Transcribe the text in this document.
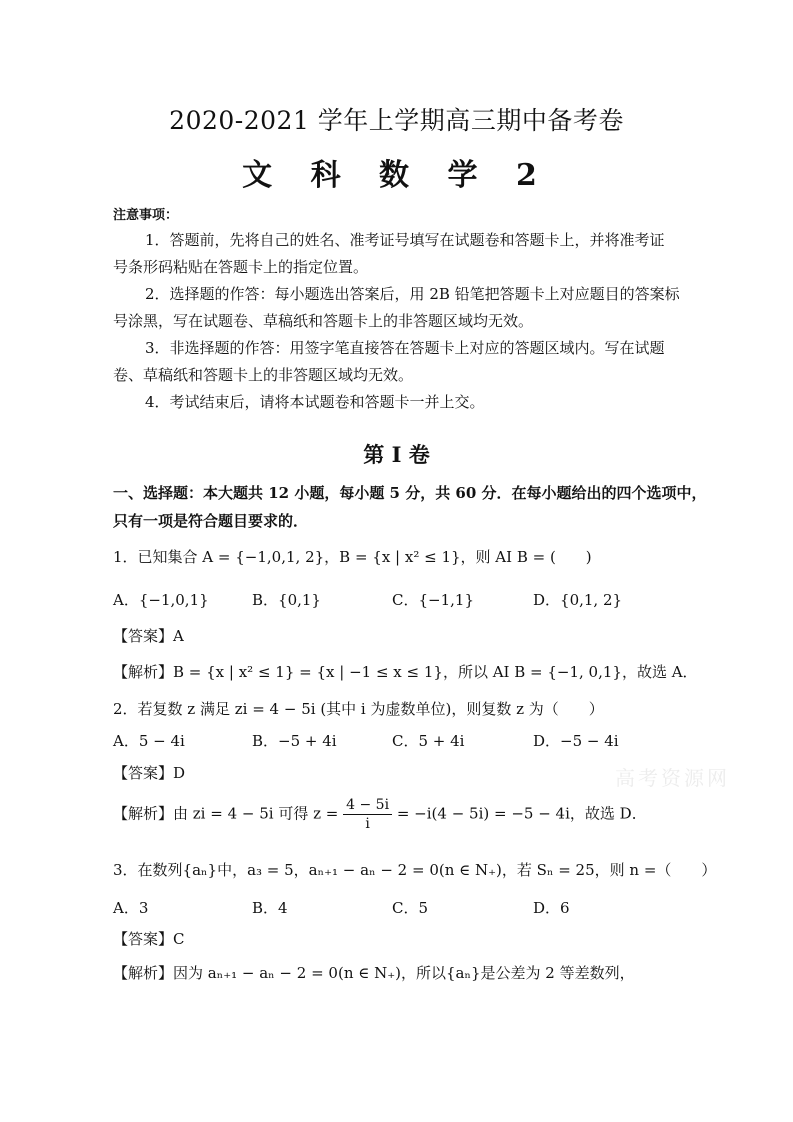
2020-2021 学年上学期高三期中备考卷
文 科 数 学 2
注意事项：
1．答题前，先将自己的姓名、准考证号填写在试题卷和答题卡上，并将准考证
号条形码粘贴在答题卡上的指定位置。
2．选择题的作答：每小题选出答案后，用 2B 铅笔把答题卡上对应题目的答案标
号涂黑，写在试题卷、草稿纸和答题卡上的非答题区域均无效。
3．非选择题的作答：用签字笔直接答在答题卡上对应的答题区域内。写在试题
卷、草稿纸和答题卡上的非答题区域均无效。
4．考试结束后，请将本试题卷和答题卡一并上交。
第 I 卷
一、选择题：本大题共 12 小题，每小题 5 分，共 60 分．在每小题给出的四个选项中，
只有一项是符合题目要求的．
1．已知集合 A = {−1,0,1, 2}，B = {x | x² ≤ 1}，则 AI B = (　　)
A．{−1,0,1}	B．{0,1}	C．{−1,1}	D．{0,1, 2}
【答案】A
【解析】B = {x | x² ≤ 1} = {x | −1 ≤ x ≤ 1}，所以 AI B = {−1, 0,1}，故选 A．
2．若复数 z 满足 zi = 4 − 5i (其中 i 为虚数单位)，则复数 z 为（　　）
A．5 − 4i	B．−5 + 4i	C．5 + 4i	D．−5 − 4i
【答案】D
【解析】由 zi = 4 − 5i 可得 $z = \frac{4 - 5i}{i} = -i(4 - 5i) = -5 - 4i$，故选 D．
3．在数列{aₙ}中，a₃ = 5，aₙ₊₁ − aₙ − 2 = 0(n ∈ N₊)，若 Sₙ = 25，则 n =（　　）
A．3	B．4	C．5	D．6
【答案】C
【解析】因为 aₙ₊₁ − aₙ − 2 = 0(n ∈ N₊)，所以{aₙ}是公差为 2 等差数列，
高考资源网
